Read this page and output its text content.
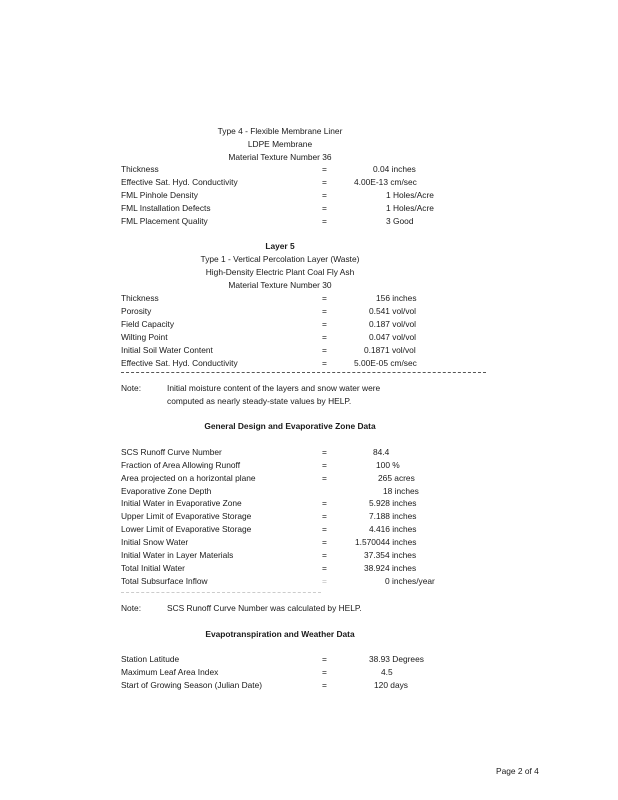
Type 4 - Flexible Membrane Liner
LDPE Membrane
Material Texture Number 36
Thickness	=	0.04 inches
Effective Sat. Hyd. Conductivity	=	4.00E-13 cm/sec
FML Pinhole Density	=	1 Holes/Acre
FML Installation Defects	=	1 Holes/Acre
FML Placement Quality	=	3 Good
Layer 5
Type 1 - Vertical Percolation Layer (Waste)
High-Density Electric Plant Coal Fly Ash
Material Texture Number 30
Thickness	=	156 inches
Porosity	=	0.541 vol/vol
Field Capacity	=	0.187 vol/vol
Wilting Point	=	0.047 vol/vol
Initial Soil Water Content	=	0.1871 vol/vol
Effective Sat. Hyd. Conductivity	=	5.00E-05 cm/sec
Note:	Initial moisture content of the layers and snow water were
computed as nearly steady-state values by HELP.
General Design and Evaporative Zone Data
SCS Runoff Curve Number	=	84.4
Fraction of Area Allowing Runoff	=	100 %
Area projected on a horizontal plane	=	265 acres
Evaporative Zone Depth	18 inches
Initial Water in Evaporative Zone	=	5.928 inches
Upper Limit of Evaporative Storage	=	7.188 inches
Lower Limit of Evaporative Storage	=	4.416 inches
Initial Snow Water	=	1.570044 inches
Initial Water in Layer Materials	=	37.354 inches
Total Initial Water	=	38.924 inches
Total Subsurface Inflow	=	0 inches/year
Note:	SCS Runoff Curve Number was calculated by HELP.
Evapotranspiration and Weather Data
Station Latitude	=	38.93 Degrees
Maximum Leaf Area Index	=	4.5
Start of Growing Season (Julian Date)	=	120 days
Page 2 of 4
